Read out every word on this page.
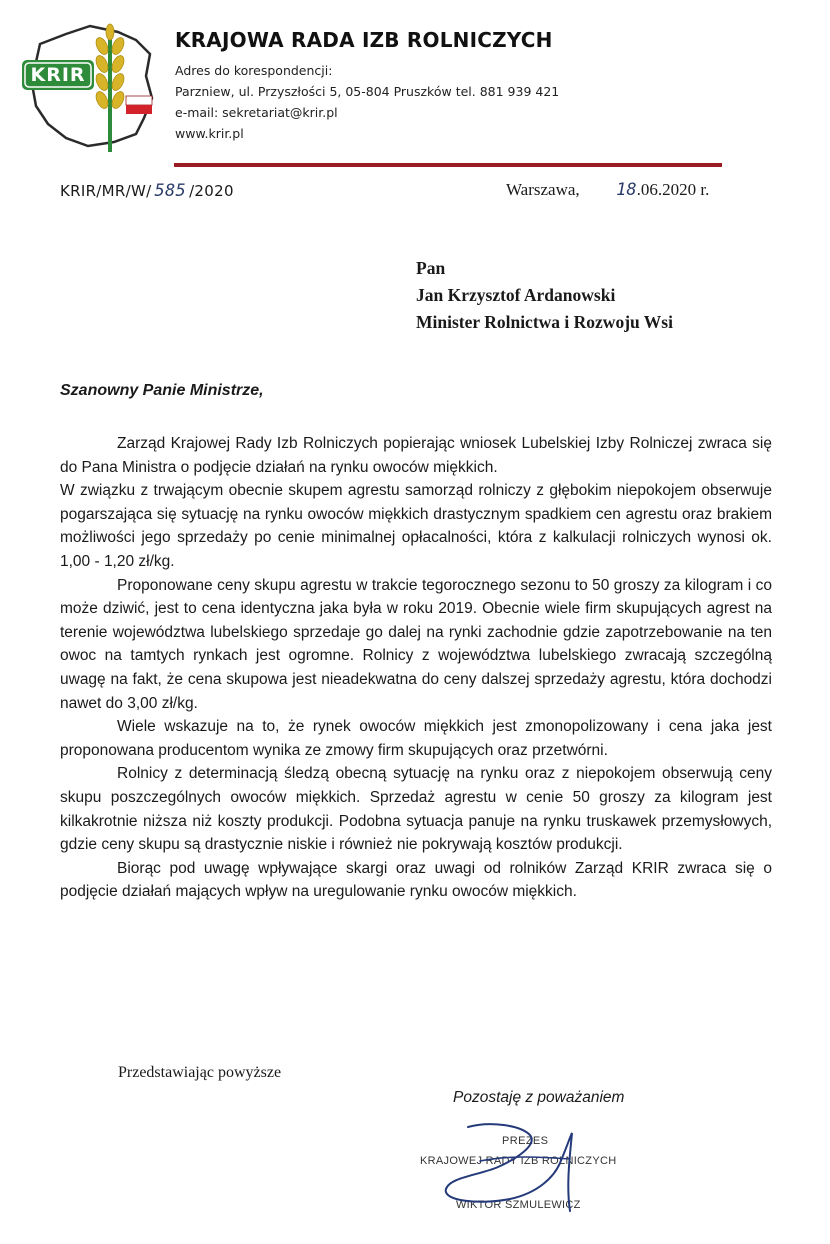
KRIR
KRAJOWA RADA IZB ROLNICZYCH
Adres do korespondencji:
Parzniew, ul. Przyszłości 5, 05-804 Pruszków tel. 881 939 421
e-mail: sekretariat@krir.pl
www.krir.pl
KRIR/MR/W/ 585 /2020	Warszawa, 18.06.2020 r.
Pan
Jan Krzysztof Ardanowski
Minister Rolnictwa i Rozwoju Wsi
Szanowny Panie Ministrze,

Zarząd Krajowej Rady Izb Rolniczych popierając wniosek Lubelskiej Izby Rolniczej zwraca się do Pana Ministra o podjęcie działań na rynku owoców miękkich.

W związku z trwającym obecnie skupem agrestu samorząd rolniczy z głębokim niepokojem obserwuje pogarszająca się sytuację na rynku owoców miękkich drastycznym spadkiem cen agrestu oraz brakiem możliwości jego sprzedaży po cenie minimalnej opłacalności, która z kalkulacji rolniczych wynosi ok. 1,00 - 1,20 zł/kg.

Proponowane ceny skupu agrestu w trakcie tegorocznego sezonu to 50 groszy za kilogram i co może dziwić, jest to cena identyczna jaka była w roku 2019. Obecnie wiele firm skupujących agrest na terenie województwa lubelskiego sprzedaje go dalej na rynki zachodnie gdzie zapotrzebowanie na ten owoc na tamtych rynkach jest ogromne. Rolnicy z województwa lubelskiego zwracają szczególną uwagę na fakt, że cena skupowa jest nieadekwatna do ceny dalszej sprzedaży agrestu, która dochodzi nawet do 3,00 zł/kg.

Wiele wskazuje na to, że rynek owoców miękkich jest zmonopolizowany i cena jaka jest proponowana producentom wynika ze zmowy firm skupujących oraz przetwórni.

Rolnicy z determinacją śledzą obecną sytuację na rynku oraz z niepokojem obserwują ceny skupu poszczególnych owoców miękkich. Sprzedaż agrestu w cenie 50 groszy za kilogram jest kilkakrotnie niższa niż koszty produkcji. Podobna sytuacja panuje na rynku truskawek przemysłowych, gdzie ceny skupu są drastycznie niskie i również nie pokrywają kosztów produkcji.

Biorąc pod uwagę wpływające skargi oraz uwagi od rolników Zarząd KRIR zwraca się o podjęcie działań mających wpływ na uregulowanie rynku owoców miękkich.

Przedstawiając powyższe
Pozostaję z poważaniem
PREZES
KRAJOWEJ RADY IZB ROLNICZYCH
WIKTOR SZMULEWICZ
